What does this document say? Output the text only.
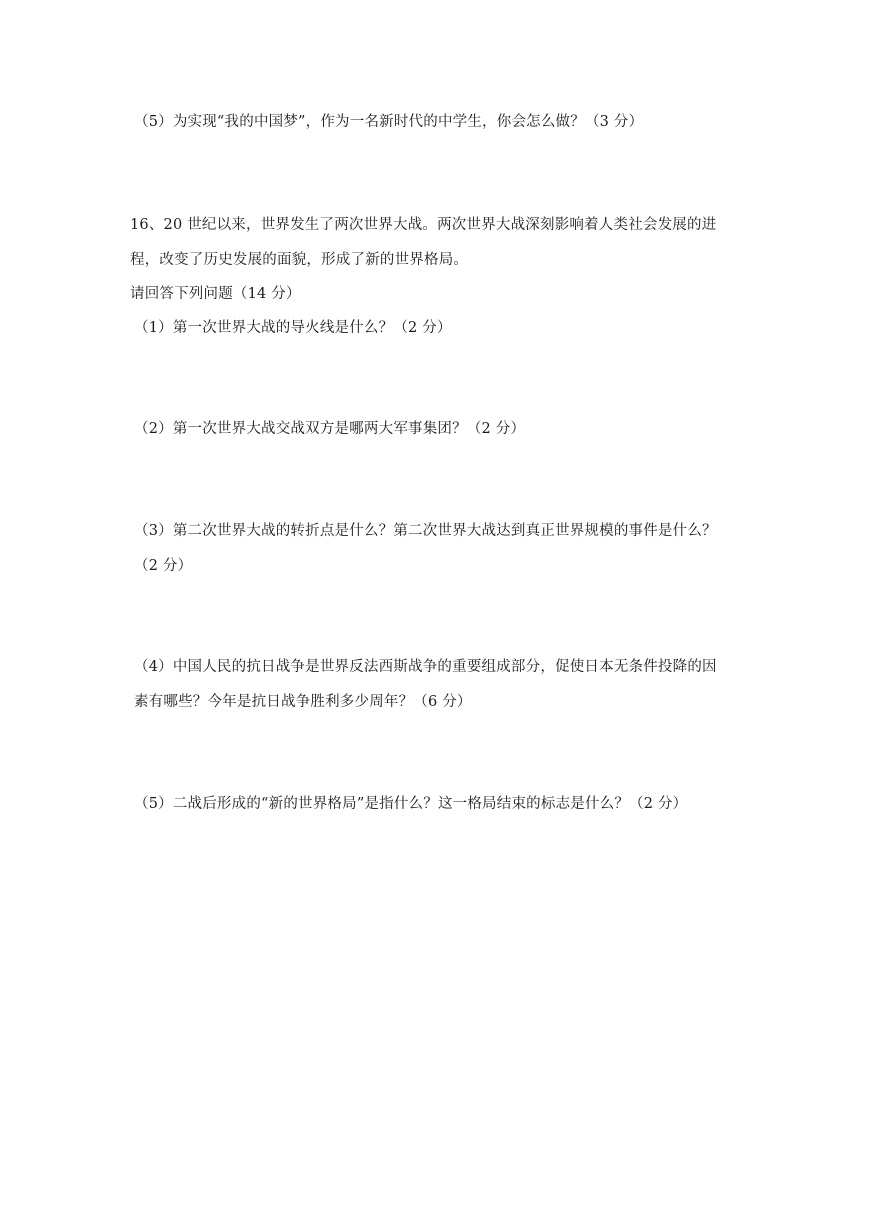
（5）为实现“我的中国梦”，作为一名新时代的中学生，你会怎么做？（3 分）
16、20 世纪以来，世界发生了两次世界大战。两次世界大战深刻影响着人类社会发展的进
程，改变了历史发展的面貌，形成了新的世界格局。
请回答下列问题（14 分）
（1）第一次世界大战的导火线是什么？（2 分）
（2）第一次世界大战交战双方是哪两大军事集团？（2 分）
（3）第二次世界大战的转折点是什么？第二次世界大战达到真正世界规模的事件是什么？
（2 分）
（4）中国人民的抗日战争是世界反法西斯战争的重要组成部分，促使日本无条件投降的因
素有哪些？今年是抗日战争胜利多少周年？（6 分）
（5）二战后形成的“新的世界格局”是指什么？这一格局结束的标志是什么？（2 分）
